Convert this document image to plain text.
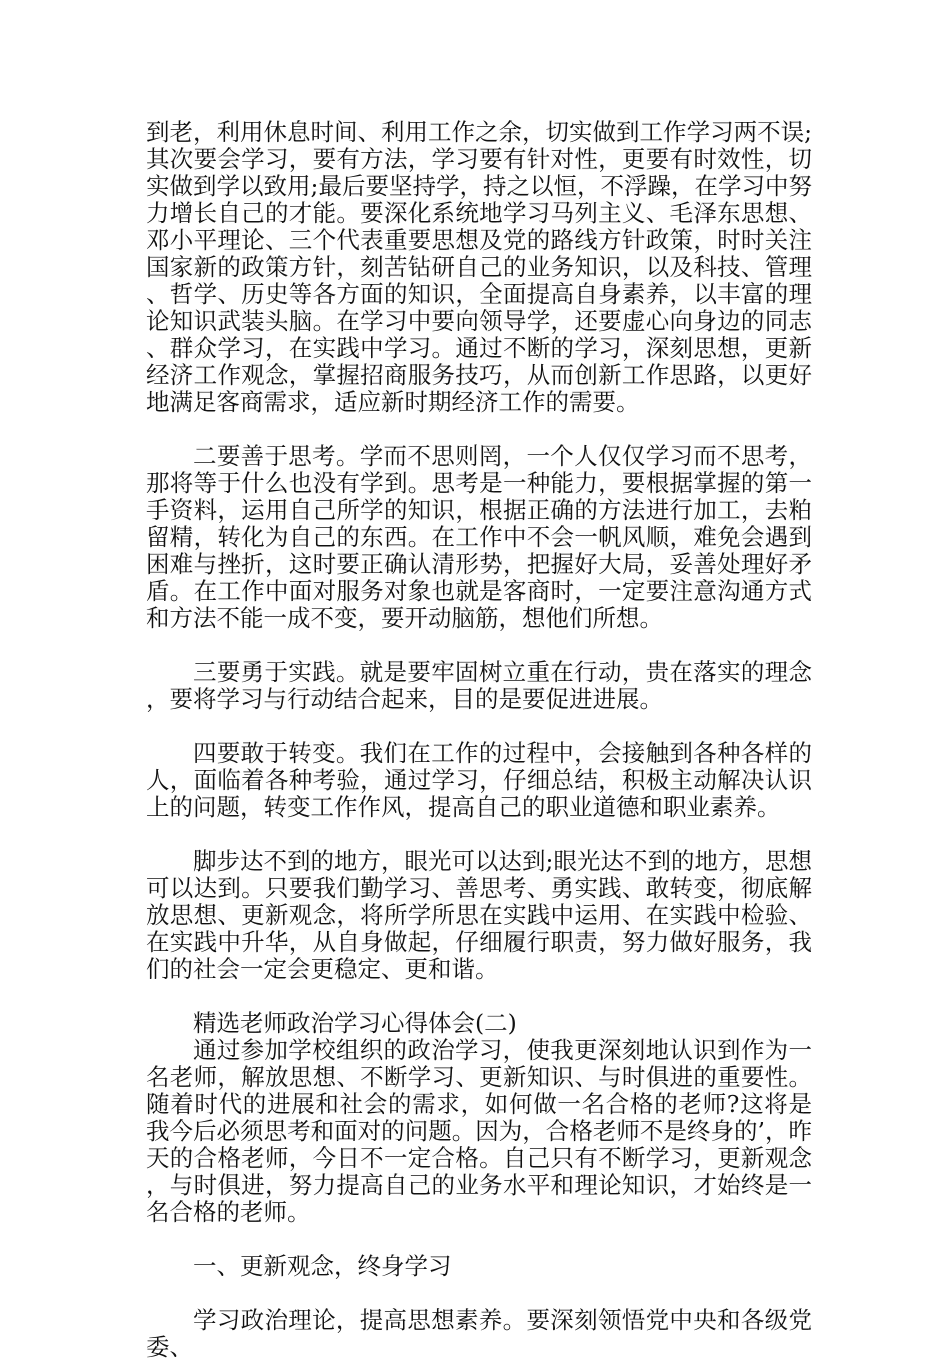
到老，利用休息时间、利用工作之余，切实做到工作学习两不误;其次要会学习，要有方法，学习要有针对性，更要有时效性，切实做到学以致用;最后要坚持学，持之以恒，不浮躁，在学习中努力增长自己的才能。要深化系统地学习马列主义、毛泽东思想、邓小平理论、三个代表重要思想及党的路线方针政策，时时关注国家新的政策方针，刻苦钻研自己的业务知识，以及科技、管理、哲学、历史等各方面的知识，全面提高自身素养，以丰富的理论知识武装头脑。在学习中要向领导学，还要虚心向身边的同志、群众学习，在实践中学习。通过不断的学习，深刻思想，更新经济工作观念，掌握招商服务技巧，从而创新工作思路，以更好地满足客商需求，适应新时期经济工作的需要。

二要善于思考。学而不思则罔，一个人仅仅学习而不思考，那将等于什么也没有学到。思考是一种能力，要根据掌握的第一手资料，运用自己所学的知识，根据正确的方法进行加工，去粕留精，转化为自己的东西。在工作中不会一帆风顺，难免会遇到困难与挫折，这时要正确认清形势，把握好大局，妥善处理好矛盾。在工作中面对服务对象也就是客商时，一定要注意沟通方式和方法不能一成不变，要开动脑筋，想他们所想。

三要勇于实践。就是要牢固树立重在行动，贵在落实的理念，要将学习与行动结合起来，目的是要促进进展。

四要敢于转变。我们在工作的过程中，会接触到各种各样的人，面临着各种考验，通过学习，仔细总结，积极主动解决认识上的问题，转变工作作风，提高自己的职业道德和职业素养。

脚步达不到的地方，眼光可以达到;眼光达不到的地方，思想可以达到。只要我们勤学习、善思考、勇实践、敢转变，彻底解放思想、更新观念，将所学所思在实践中运用、在实践中检验、在实践中升华，从自身做起，仔细履行职责，努力做好服务，我们的社会一定会更稳定、更和谐。

精选老师政治学习心得体会(二)

通过参加学校组织的政治学习，使我更深刻地认识到作为一名老师，解放思想、不断学习、更新知识、与时俱进的重要性。随着时代的进展和社会的需求，如何做一名合格的老师?这将是我今后必须思考和面对的问题。因为，合格老师不是终身的’，昨天的合格老师，今日不一定合格。自己只有不断学习，更新观念，与时俱进，努力提高自己的业务水平和理论知识，才始终是一名合格的老师。

一、更新观念，终身学习

学习政治理论，提高思想素养。要深刻领悟党中央和各级党委、
